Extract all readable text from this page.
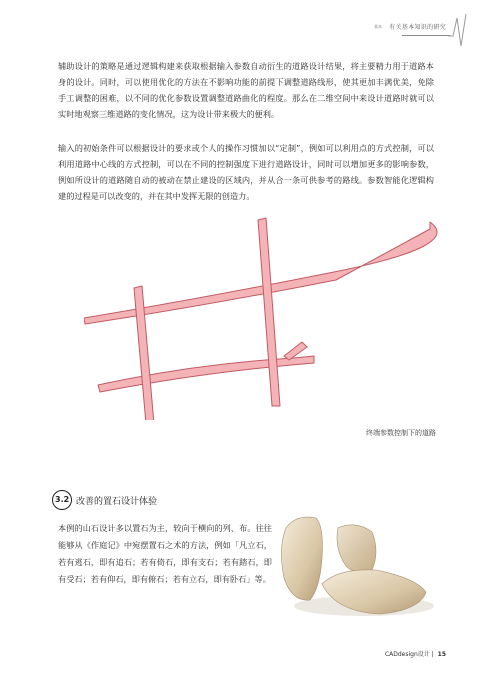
基本 有关基本知识的研究

辅助设计的策略是通过逻辑构建来获取根据输入参数自动衍生的道路设计结果，将主要精力用于道路本身的设计。同时，可以使用优化的方法在不影响功能的前提下调整道路线形，使其更加丰满优美，免除手工调整的困难，以不同的优化参数设置调整道路曲化的程度。那么在二维空间中来设计道路时就可以实时地观察三维道路的变化情况，这为设计带来极大的便利。

输入的初始条件可以根据设计的要求或个人的操作习惯加以“定制”，例如可以利用点的方式控制，可以利用道路中心线的方式控制，可以在不同的控制强度下进行道路设计，同时可以增加更多的影响参数，例如所设计的道路随自动的被动在禁止建设的区域内，并从合一条可供参考的路线。参数智能化逻辑构建的过程是可以改变的，并在其中发挥无限的创造力。

终端参数控制下的道路
3.2 改善的置石设计体验

本例的山石设计多以置石为主，较向于横向的列、布。往往能够从《作庭记》中宛摆置石之术的方法，例如「凡立石，若有逃石，即有追石；若有倚石，即有支石；若有踏石，即有受石；若有仰石，即有俯石；若有立石，即有卧石」等。

CADdesign设计 | 15
